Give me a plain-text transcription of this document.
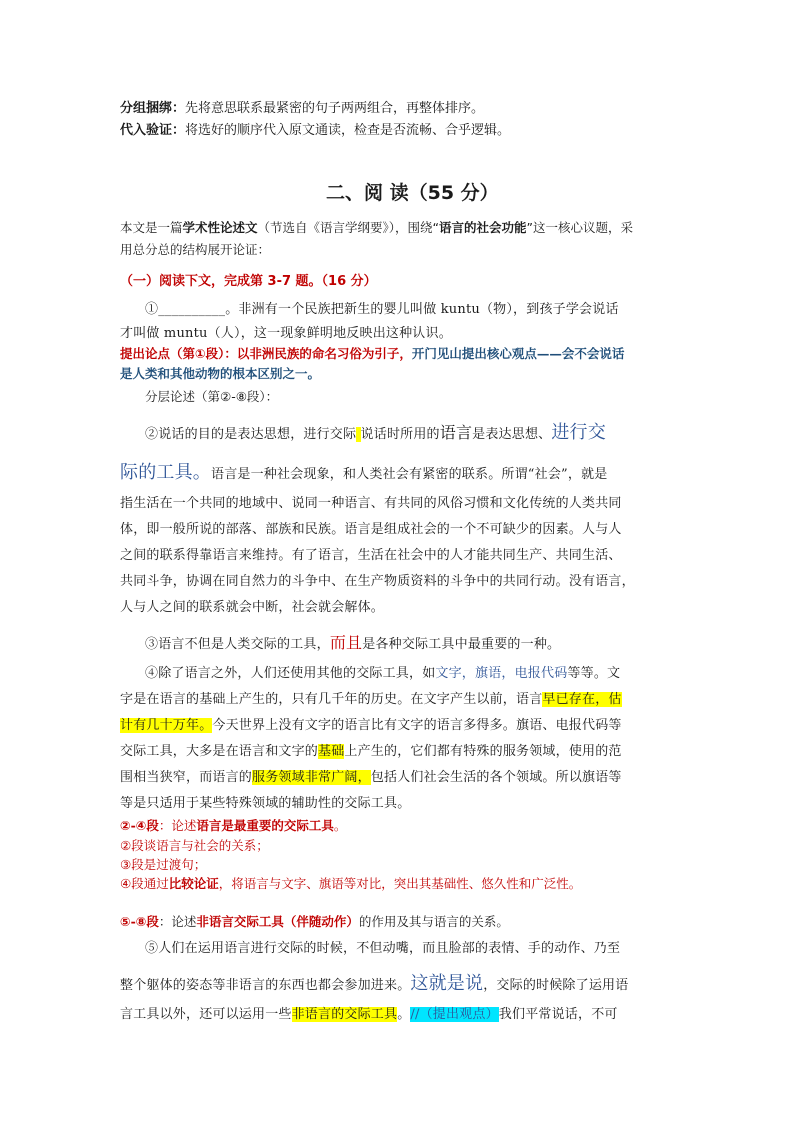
分组捆绑：先将意思联系最紧密的句子两两组合，再整体排序。
代入验证：将选好的顺序代入原文通读，检查是否流畅、合乎逻辑。
二、阅 读（55 分）
本文是一篇学术性论述文（节选自《语言学纲要》），围绕“语言的社会功能”这一核心议题，采
用总分总的结构展开论证：
（一）阅读下文，完成第 3-7 题。（16 分）
①__________。非洲有一个民族把新生的婴儿叫做 kuntu（物），到孩子学会说话
才叫做 muntu（人），这一现象鲜明地反映出这种认识。
提出论点（第①段）：以非洲民族的命名习俗为引子，开门见山提出核心观点——会不会说话
是人类和其他动物的根本区别之一。
分层论述（第②-⑧段）：
②说话的目的是表达思想，进行交际 说话时所用的语言是表达思想、进行交
际的工具。语言是一种社会现象，和人类社会有紧密的联系。所谓“社会”，就是
指生活在一个共同的地域中、说同一种语言、有共同的风俗习惯和文化传统的人类共同
体，即一般所说的部落、部族和民族。语言是组成社会的一个不可缺少的因素。人与人
之间的联系得靠语言来维持。有了语言，生活在社会中的人才能共同生产、共同生活、
共同斗争，协调在同自然力的斗争中、在生产物质资料的斗争中的共同行动。没有语言，
人与人之间的联系就会中断，社会就会解体。
③语言不但是人类交际的工具，而且是各种交际工具中最重要的一种。
④除了语言之外，人们还使用其他的交际工具，如文字，旗语，电报代码等等。文
字是在语言的基础上产生的，只有几千年的历史。在文字产生以前，语言早已存在，估
计有几十万年。今天世界上没有文字的语言比有文字的语言多得多。旗语、电报代码等
交际工具，大多是在语言和文字的基础上产生的，它们都有特殊的服务领域，使用的范
围相当狭窄，而语言的服务领域非常广阔，包括人们社会生活的各个领域。所以旗语等
等是只适用于某些特殊领域的辅助性的交际工具。
②-④段：论述语言是最重要的交际工具。
②段谈语言与社会的关系；
③段是过渡句；
④段通过比较论证，将语言与文字、旗语等对比，突出其基础性、悠久性和广泛性。
⑤-⑧段：论述非语言交际工具（伴随动作）的作用及其与语言的关系。
⑤人们在运用语言进行交际的时候，不但动嘴，而且脸部的表情、手的动作、乃至
整个躯体的姿态等非语言的东西也都会参加进来。这就是说，交际的时候除了运用语
言工具以外，还可以运用一些非语言的交际工具。//（提出观点）我们平常说话，不可
